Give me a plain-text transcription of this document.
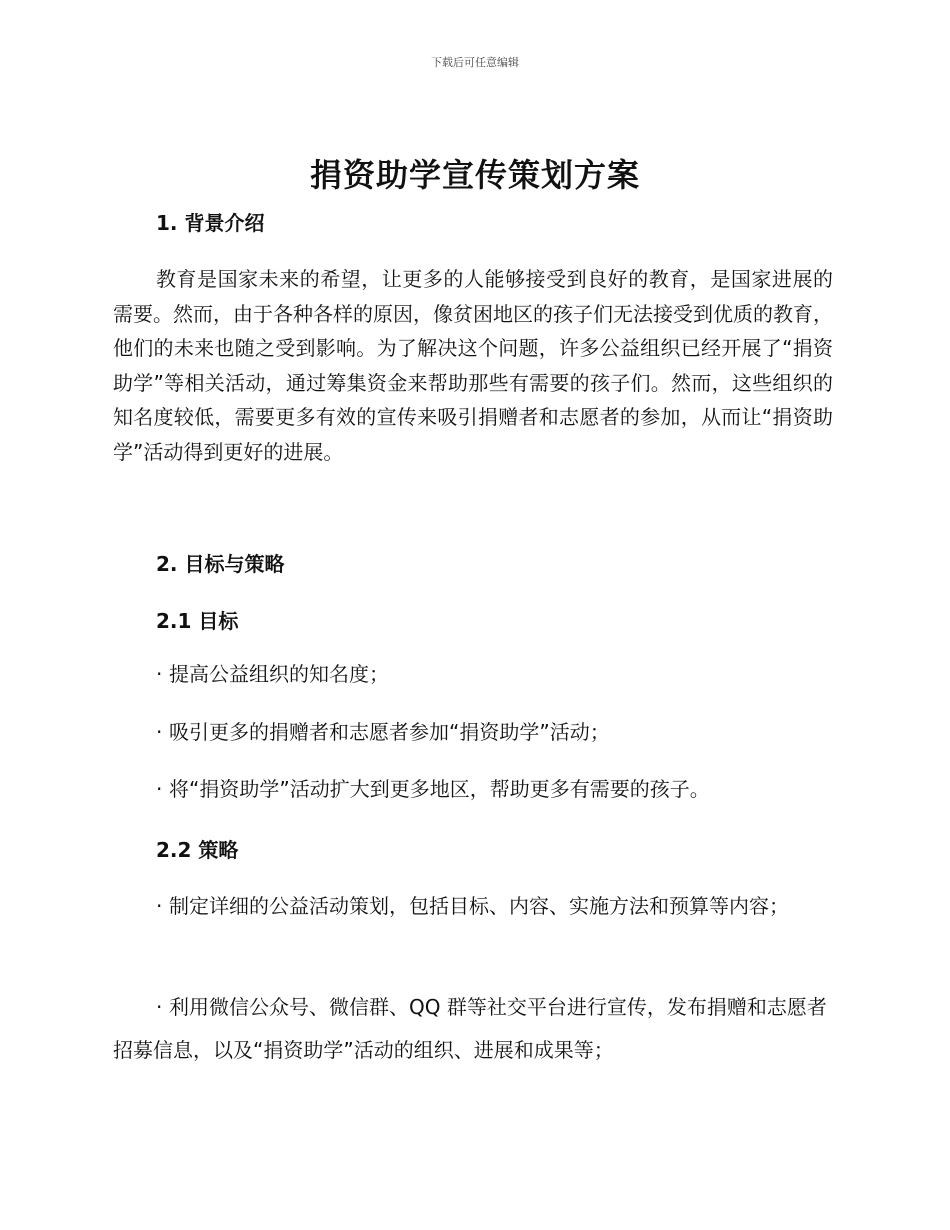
下载后可任意编辑
捐资助学宣传策划方案
1. 背景介绍
教育是国家未来的希望，让更多的人能够接受到良好的教育，是国家进展的需要。然而，由于各种各样的原因，像贫困地区的孩子们无法接受到优质的教育，他们的未来也随之受到影响。为了解决这个问题，许多公益组织已经开展了“捐资助学”等相关活动，通过筹集资金来帮助那些有需要的孩子们。然而，这些组织的知名度较低，需要更多有效的宣传来吸引捐赠者和志愿者的参加，从而让“捐资助学”活动得到更好的进展。
2. 目标与策略
2.1 目标
· 提高公益组织的知名度；
· 吸引更多的捐赠者和志愿者参加“捐资助学”活动；
· 将“捐资助学”活动扩大到更多地区，帮助更多有需要的孩子。
2.2 策略
· 制定详细的公益活动策划，包括目标、内容、实施方法和预算等内容；
· 利用微信公众号、微信群、QQ 群等社交平台进行宣传，发布捐赠和志愿者招募信息，以及“捐资助学”活动的组织、进展和成果等；
